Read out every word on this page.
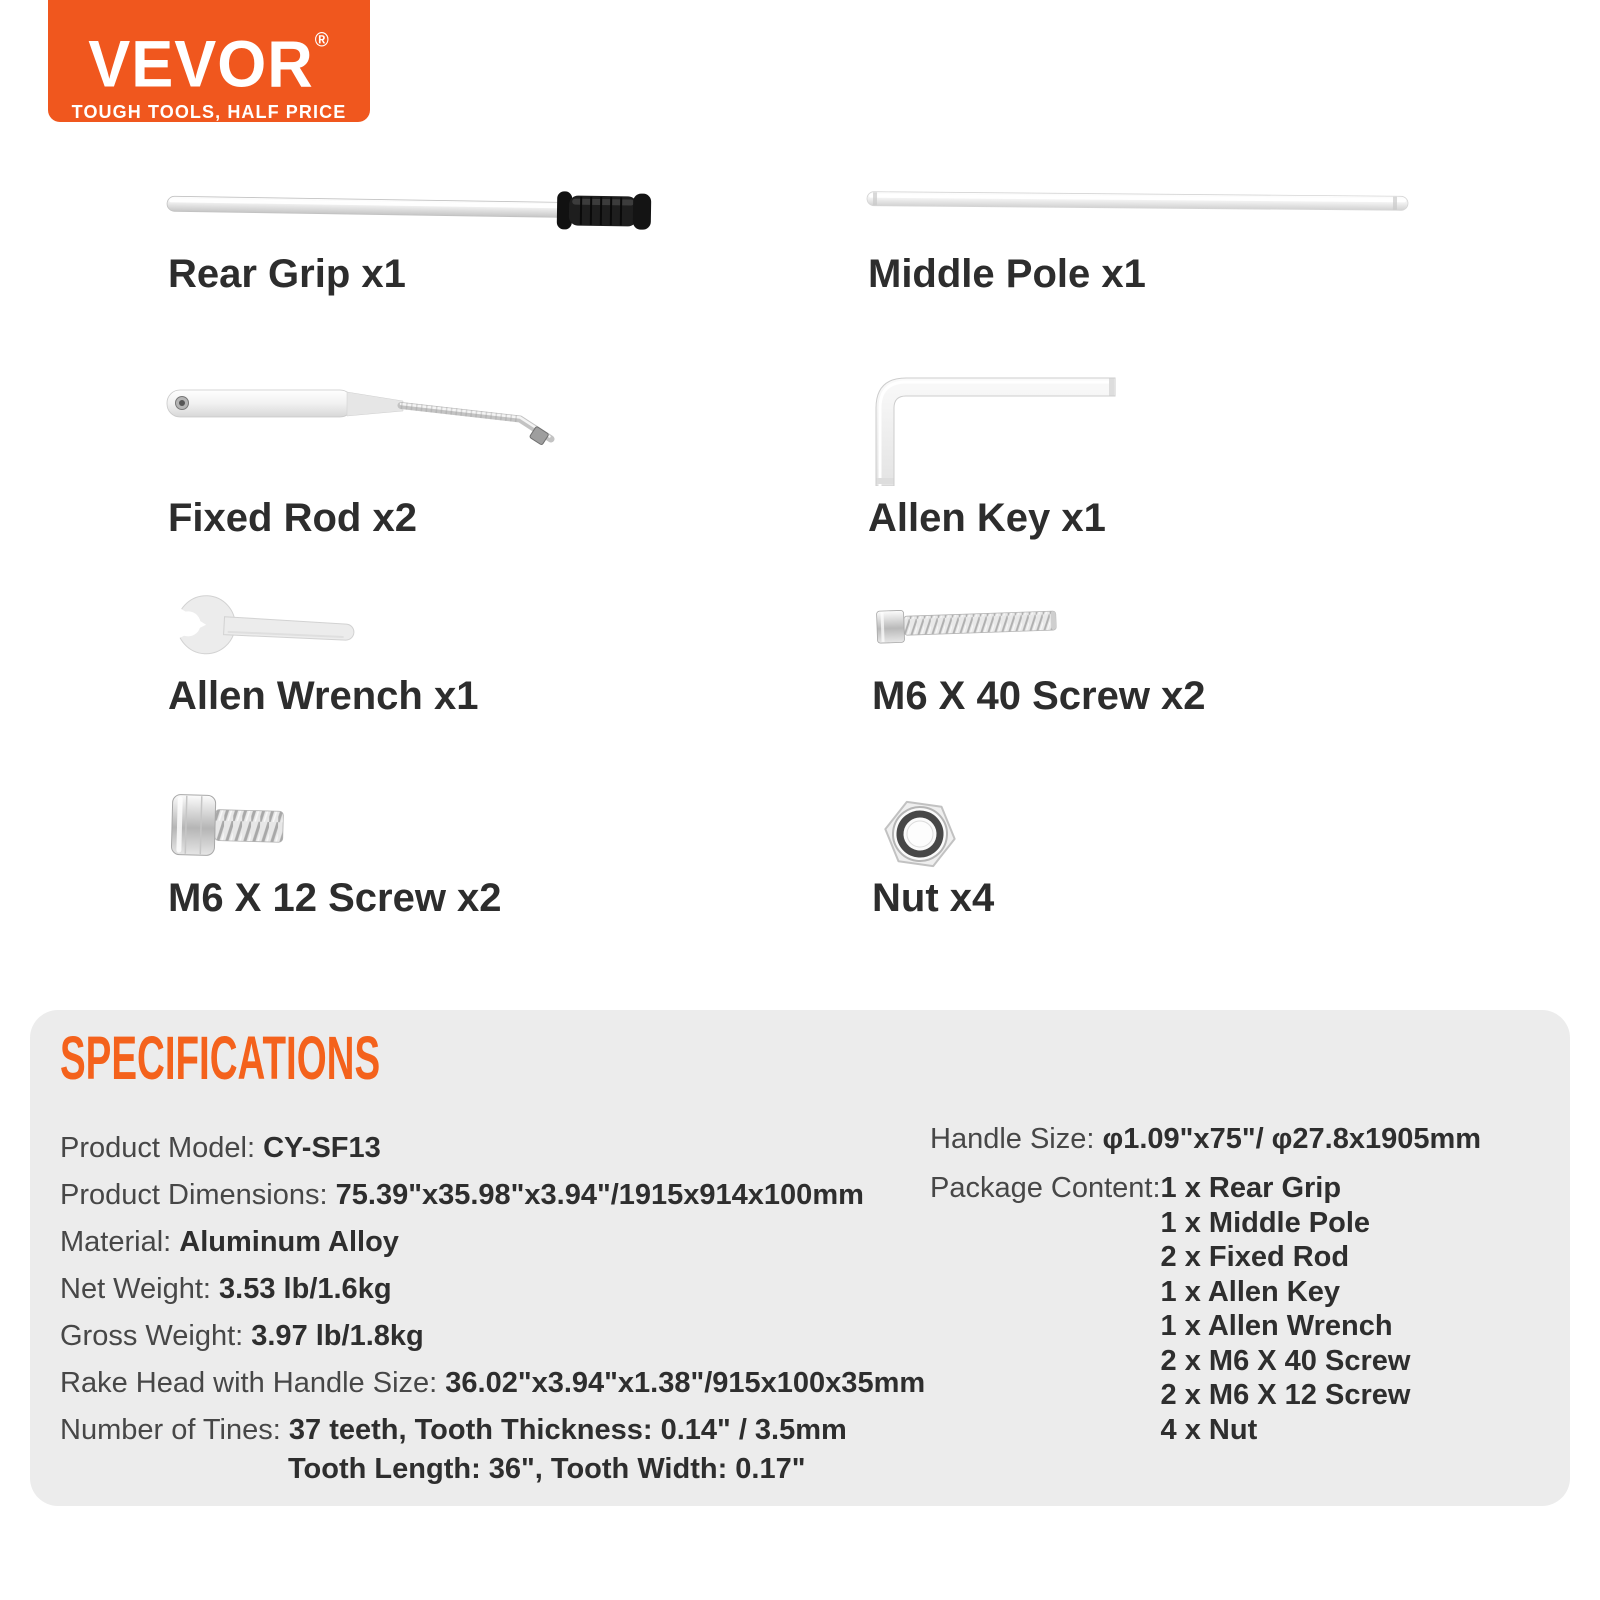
VEVOR®
TOUGH TOOLS, HALF PRICE
Rear Grip x1	Middle Pole x1
Fixed Rod x2	Allen Key x1
Allen Wrench x1	M6 X 40 Screw x2
M6 X 12 Screw x2	Nut x4
SPECIFICATIONS
Product Model: CY-SF13
Product Dimensions: 75.39"x35.98"x3.94"/1915x914x100mm
Material: Aluminum Alloy
Net Weight: 3.53 lb/1.6kg
Gross Weight: 3.97 lb/1.8kg
Rake Head with Handle Size: 36.02"x3.94"x1.38"/915x100x35mm
Number of Tines: 37 teeth, Tooth Thickness: 0.14" / 3.5mm
Tooth Length: 36", Tooth Width: 0.17"
Handle Size: φ1.09"x75"/ φ27.8x1905mm
Package Content: 1 x Rear Grip
1 x Middle Pole
2 x Fixed Rod
1 x Allen Key
1 x Allen Wrench
2 x M6 X 40 Screw
2 x M6 X 12 Screw
4 x Nut
